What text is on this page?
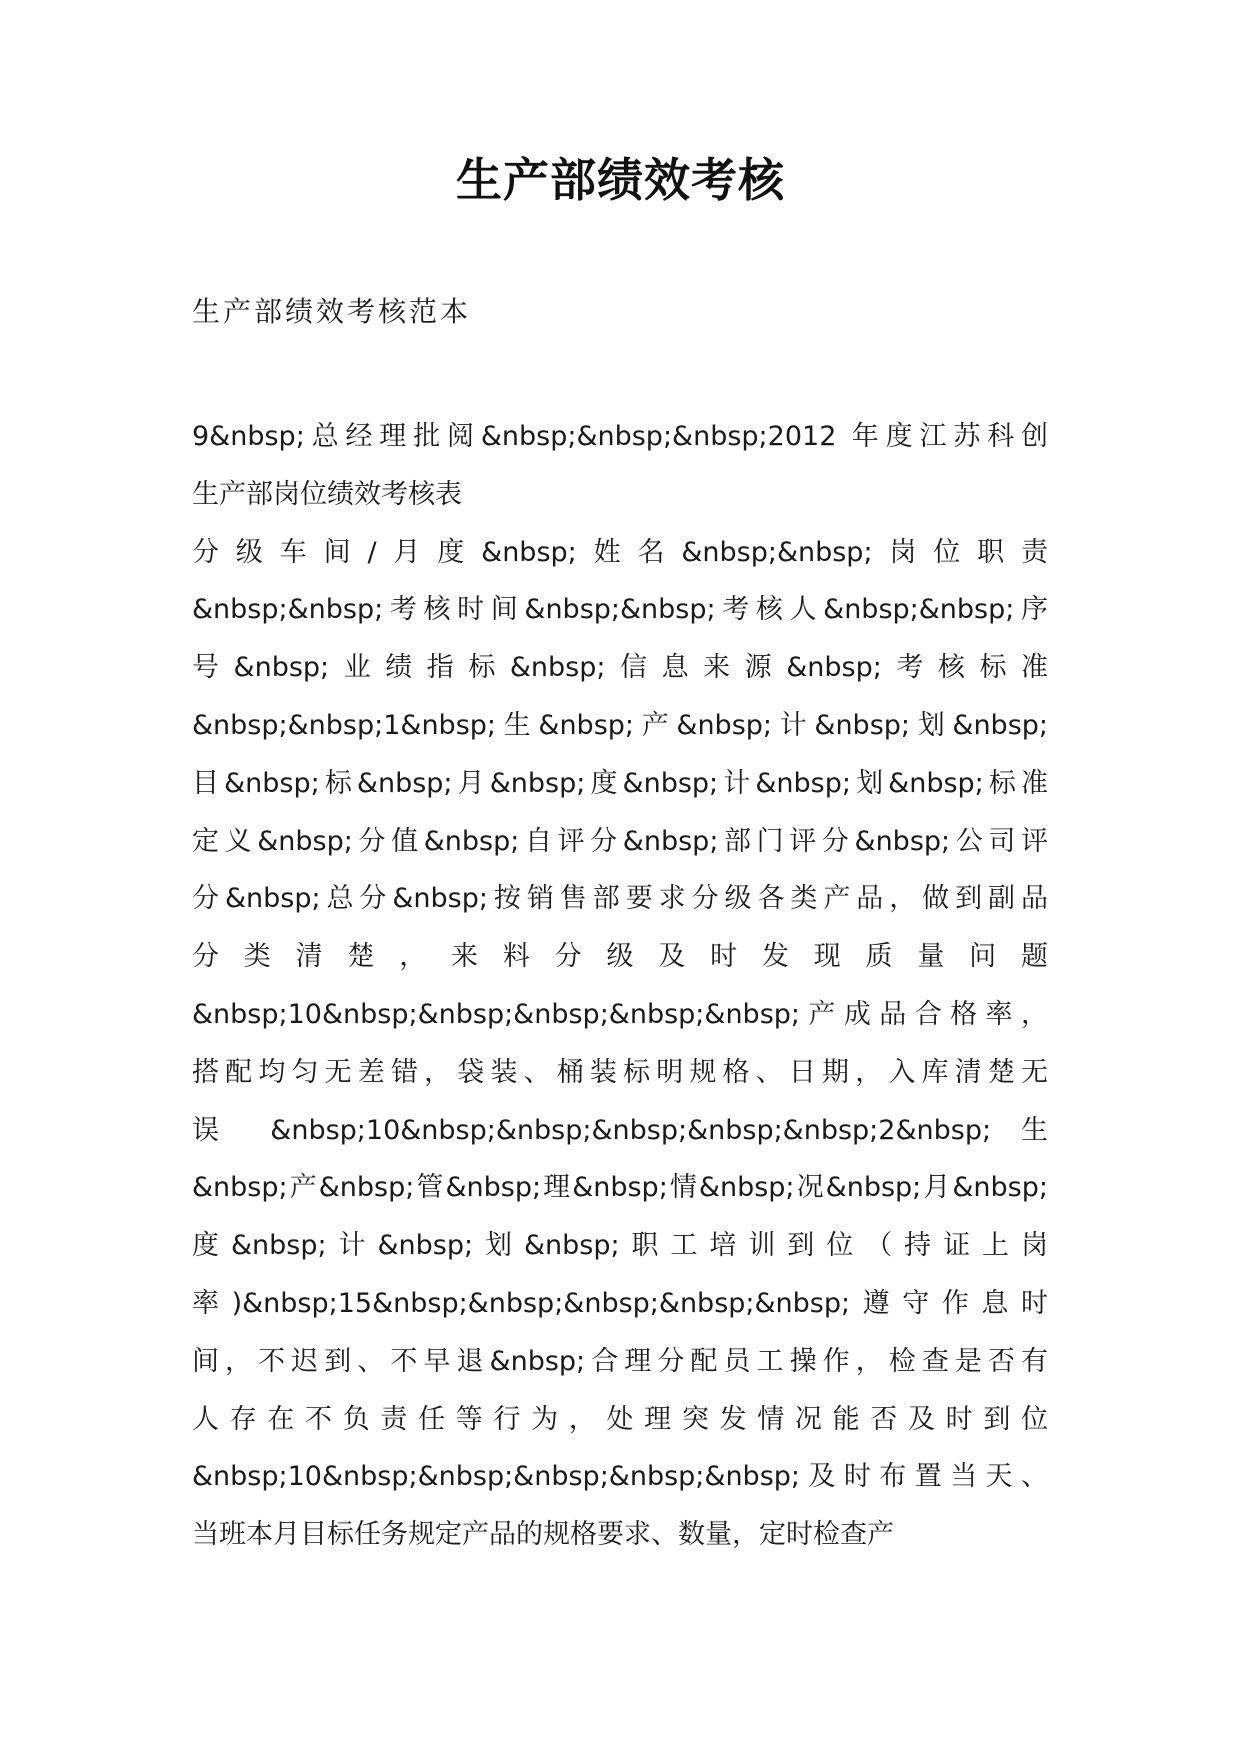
生产部绩效考核
生产部绩效考核范本
9&nbsp;总经理批阅&nbsp;&nbsp;&nbsp;2012 年度江苏科创
生产部岗位绩效考核表
分级车间/月度&nbsp;姓名&nbsp;&nbsp;岗位职责
&nbsp;&nbsp;考核时间&nbsp;&nbsp;考核人&nbsp;&nbsp;序
号&nbsp;业绩指标&nbsp;信息来源&nbsp;考核标准
&nbsp;&nbsp;1&nbsp;生&nbsp;产&nbsp;计&nbsp;划&nbsp;
目&nbsp;标&nbsp;月&nbsp;度&nbsp;计&nbsp;划&nbsp;标准
定义&nbsp;分值&nbsp;自评分&nbsp;部门评分&nbsp;公司评
分&nbsp;总分&nbsp;按销售部要求分级各类产品，做到副品
分类清楚，来料分级及时发现质量问题
&nbsp;10&nbsp;&nbsp;&nbsp;&nbsp;&nbsp;产成品合格率，
搭配均匀无差错，袋装、桶装标明规格、日期，入库清楚无
误 &nbsp;10&nbsp;&nbsp;&nbsp;&nbsp;&nbsp;2&nbsp; 生
&nbsp;产&nbsp;管&nbsp;理&nbsp;情&nbsp;况&nbsp;月&nbsp;
度&nbsp;计&nbsp;划&nbsp;职工培训到位（持证上岗
率)&nbsp;15&nbsp;&nbsp;&nbsp;&nbsp;&nbsp;遵守作息时
间，不迟到、不早退&nbsp;合理分配员工操作，检查是否有
人存在不负责任等行为，处理突发情况能否及时到位
&nbsp;10&nbsp;&nbsp;&nbsp;&nbsp;&nbsp;及时布置当天、
当班本月目标任务规定产品的规格要求、数量，定时检查产
